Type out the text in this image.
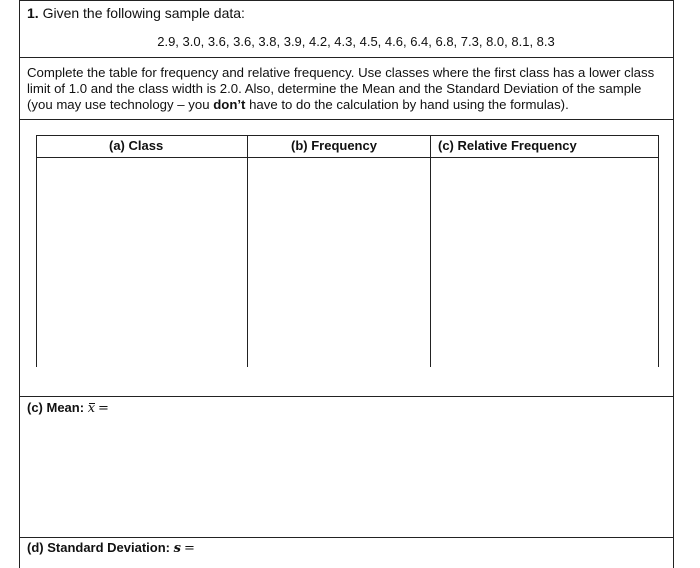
1. Given the following sample data:
2.9, 3.0, 3.6, 3.6, 3.8, 3.9, 4.2, 4.3, 4.5, 4.6, 6.4, 6.8, 7.3, 8.0, 8.1, 8.3
Complete the table for frequency and relative frequency. Use classes where the first class has a lower class limit of 1.0 and the class width is 2.0. Also, determine the Mean and the Standard Deviation of the sample (you may use technology – you don’t have to do the calculation by hand using the formulas).
(a) Class	(b) Frequency	(c) Relative Frequency
(c) Mean: x =
(d) Standard Deviation: s =
